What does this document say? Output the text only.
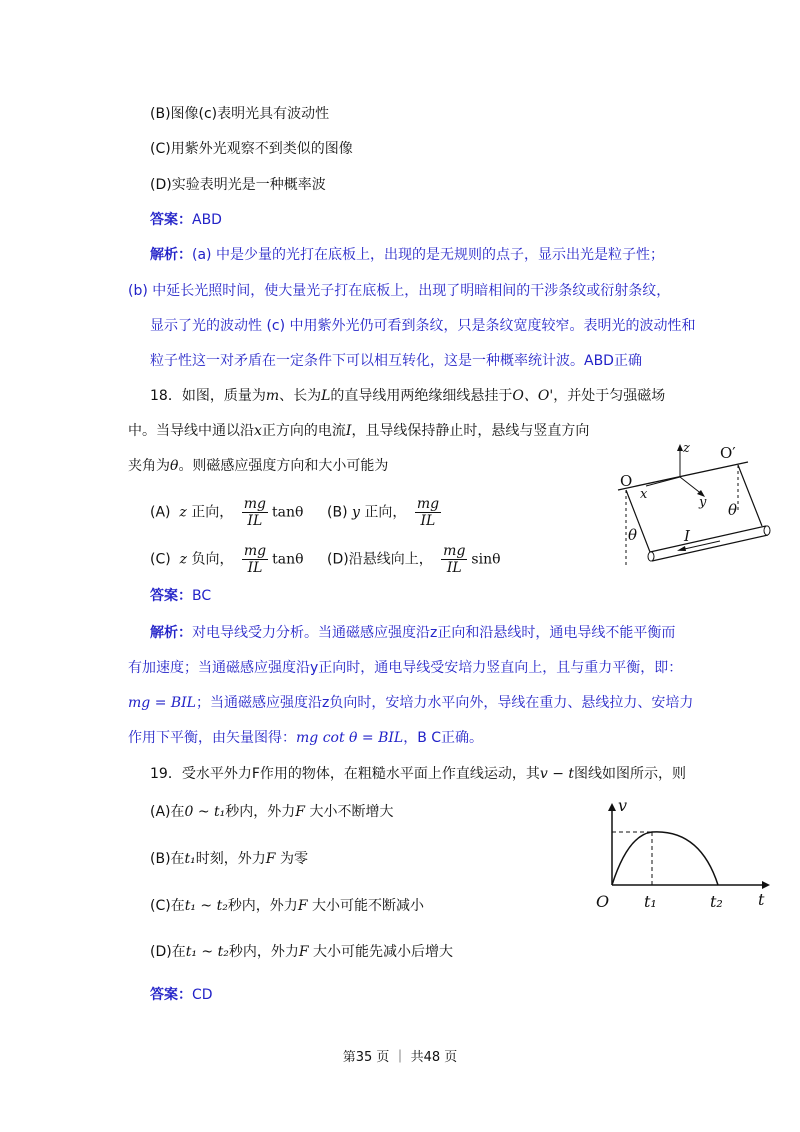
(B)图像(c)表明光具有波动性
(C)用紫外光观察不到类似的图像
(D)实验表明光是一种概率波
答案：ABD
解析：(a) 中是少量的光打在底板上，出现的是无规则的点子，显示出光是粒子性；
(b) 中延长光照时间，使大量光子打在底板上，出现了明暗相间的干涉条纹或衍射条纹，
显示了光的波动性 (c) 中用紫外光仍可看到条纹，只是条纹宽度较窄。表明光的波动性和
粒子性这一对矛盾在一定条件下可以相互转化，这是一种概率统计波。ABD正确
18．如图，质量为m、长为L的直导线用两绝缘细线悬挂于O、O'，并处于匀强磁场
中。当导线中通以沿x正方向的电流I，且导线保持静止时，悬线与竖直方向
夹角为θ。则磁感应强度方向和大小可能为
(A) z 正向， $\frac{mg}{IL}$ tanθ (B) y 正向， $\frac{mg}{IL}$
(C) z 负向， $\frac{mg}{IL}$ tanθ (D)沿悬线向上， $\frac{mg}{IL}$ sinθ
O
O′
x
y
z
θ
θ
I
答案：BC
解析：对电导线受力分析。当通磁感应强度沿z正向和沿悬线时，通电导线不能平衡而
有加速度；当通磁感应强度沿y正向时，通电导线受安培力竖直向上，且与重力平衡，即：
mg = BIL；当通磁感应强度沿z负向时，安培力水平向外，导线在重力、悬线拉力、安培力
作用下平衡，由矢量图得：mg cot θ = BIL，B C正确。
19．受水平外力F作用的物体，在粗糙水平面上作直线运动，其v − t图线如图所示，则
(A)在0 ~ t₁秒内，外力F 大小不断增大
(B)在t₁时刻，外力F 为零
(C)在t₁ ~ t₂秒内，外力F 大小可能不断减小
(D)在t₁ ~ t₂秒内，外力F 大小可能先减小后增大
v
O t₁	t₂ t
答案：CD
第35 页 ｜ 共48 页
